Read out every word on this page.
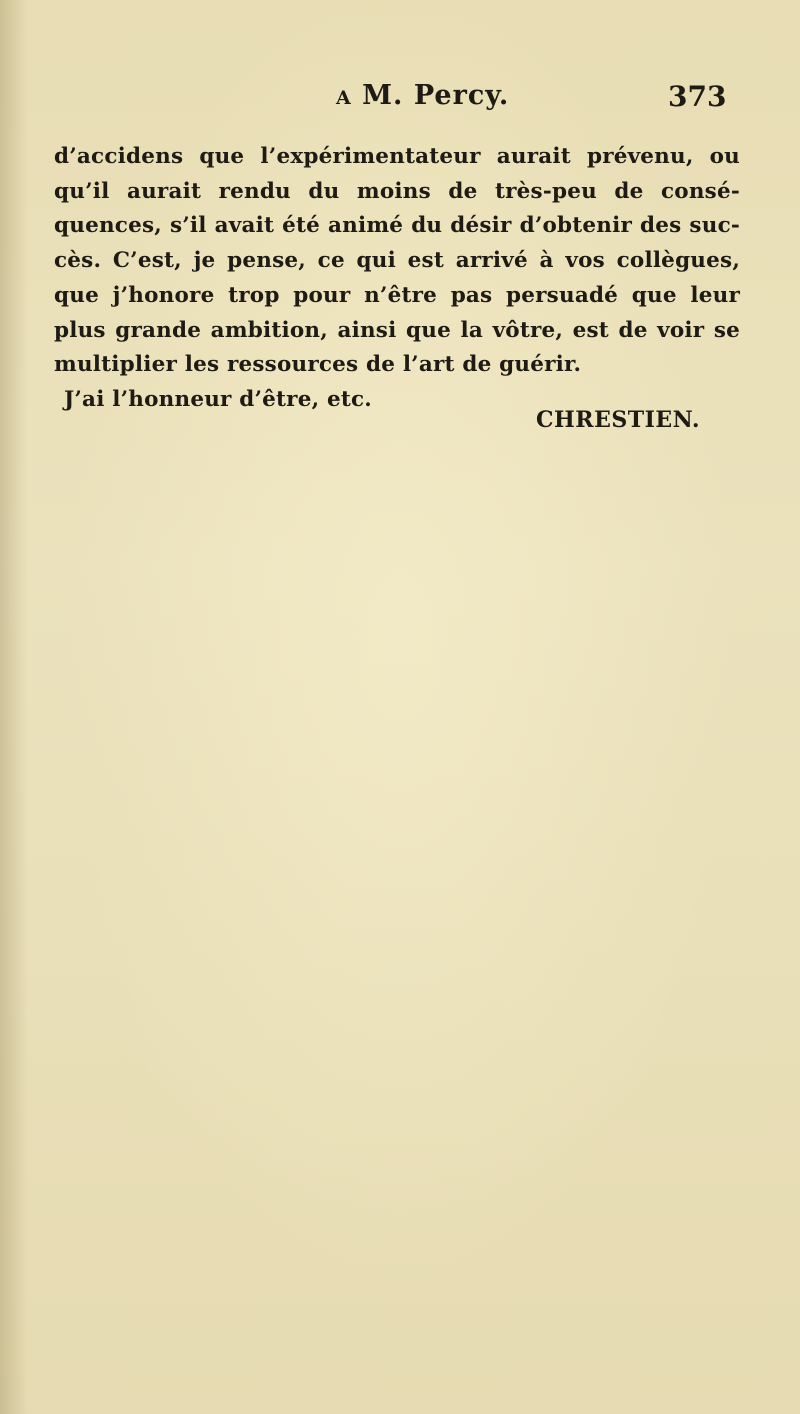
A M. Percy.	373
d’accidens que l’expérimentateur aurait prévenu, ou
qu’il aurait rendu du moins de très-peu de consé-
quences, s’il avait été animé du désir d’obtenir des suc-
cès. C’est, je pense, ce qui est arrivé à vos collègues,
que j’honore trop pour n’être pas persuadé que leur
plus grande ambition, ainsi que la vôtre, est de voir se
multiplier les ressources de l’art de guérir.
J’ai l’honneur d’être, etc.
CHRESTIEN.
